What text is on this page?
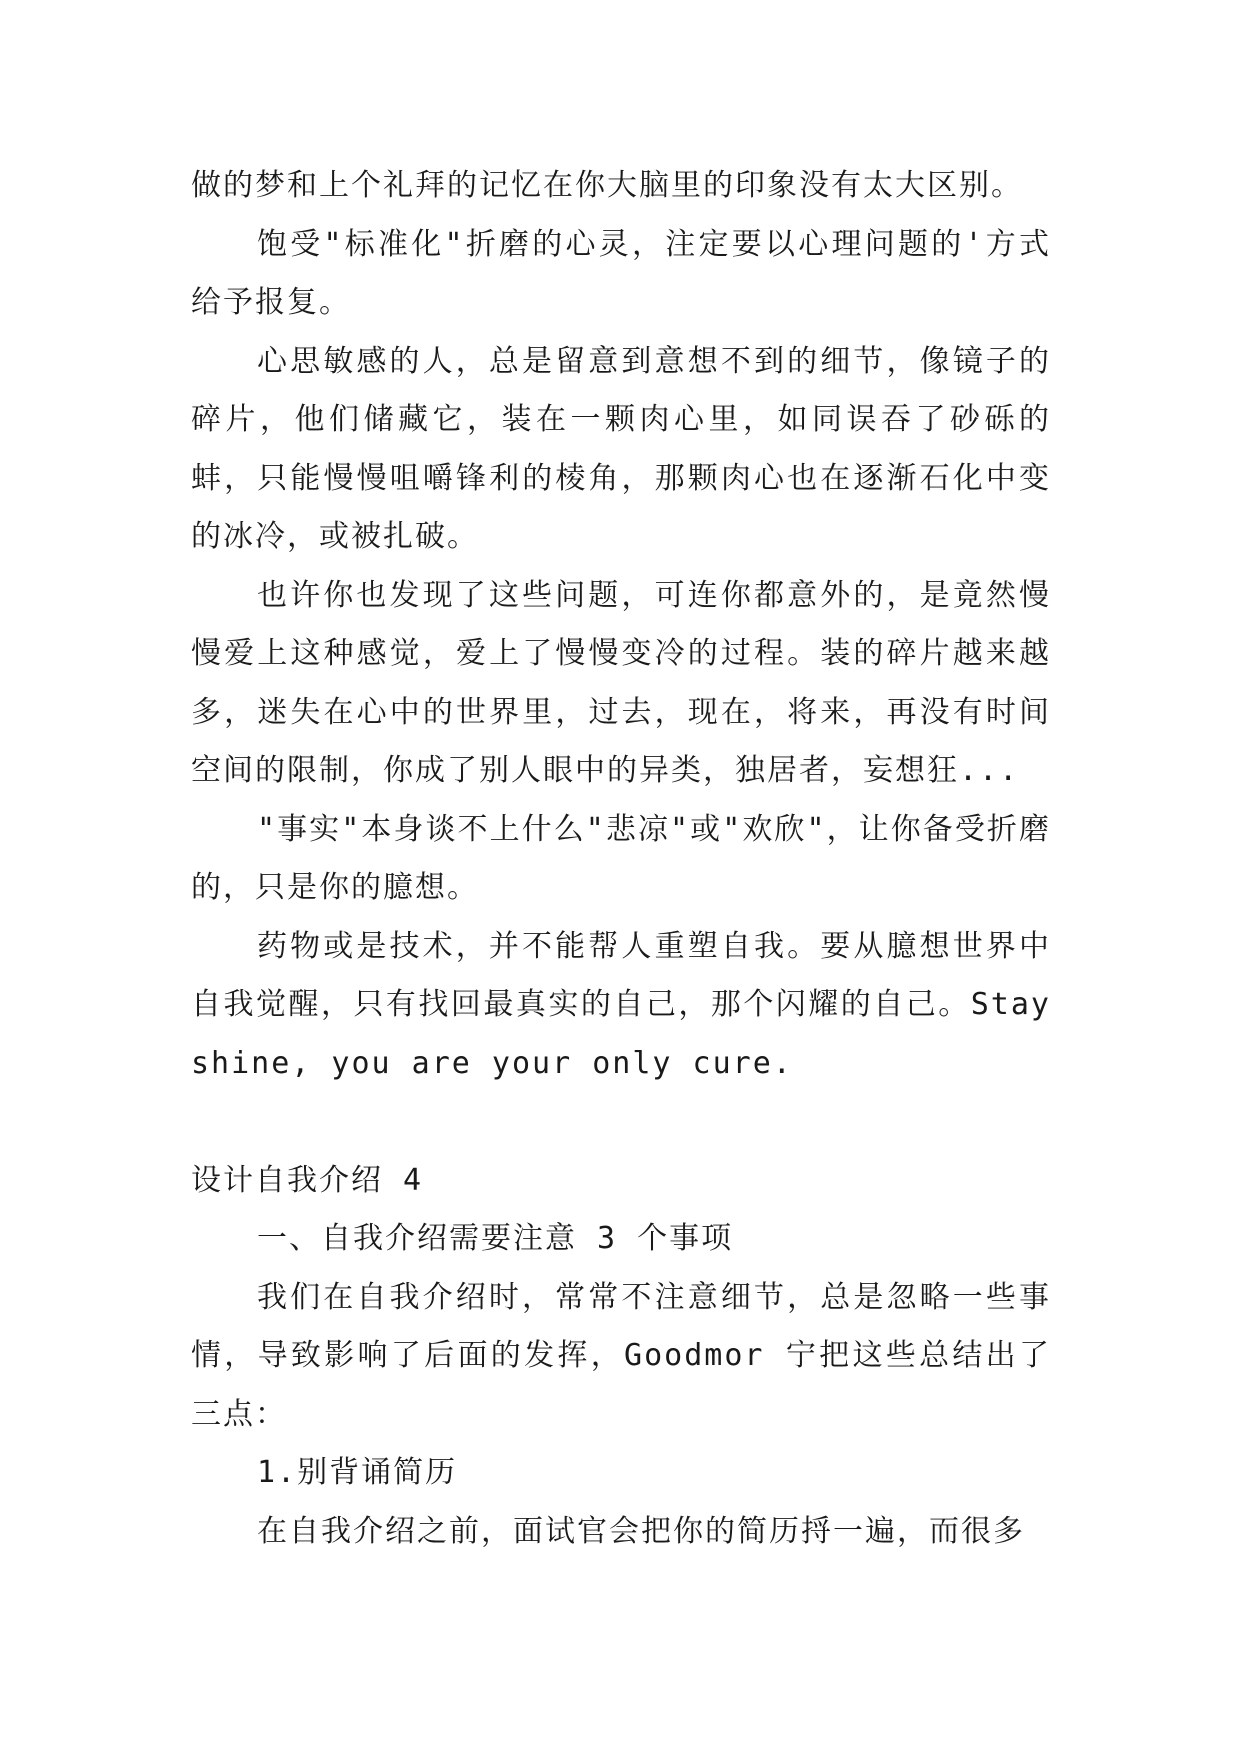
做的梦和上个礼拜的记忆在你大脑里的印象没有太大区别。

饱受"标准化"折磨的心灵，注定要以心理问题的'方式给予报复。

心思敏感的人，总是留意到意想不到的细节，像镜子的碎片，他们储藏它，装在一颗肉心里，如同误吞了砂砾的蚌，只能慢慢咀嚼锋利的棱角，那颗肉心也在逐渐石化中变的冰冷，或被扎破。

也许你也发现了这些问题，可连你都意外的，是竟然慢慢爱上这种感觉，爱上了慢慢变冷的过程。装的碎片越来越多，迷失在心中的世界里，过去，现在，将来，再没有时间空间的限制，你成了别人眼中的异类，独居者，妄想狂...

"事实"本身谈不上什么"悲凉"或"欢欣"，让你备受折磨的，只是你的臆想。

药物或是技术，并不能帮人重塑自我。要从臆想世界中自我觉醒，只有找回最真实的自己，那个闪耀的自己。Stay shine, you are your only cure.

设计自我介绍 4

一、自我介绍需要注意 3 个事项

我们在自我介绍时，常常不注意细节，总是忽略一些事情，导致影响了后面的发挥，Goodmor 宁把这些总结出了三点：

1.别背诵简历

在自我介绍之前，面试官会把你的简历捋一遍，而很多
